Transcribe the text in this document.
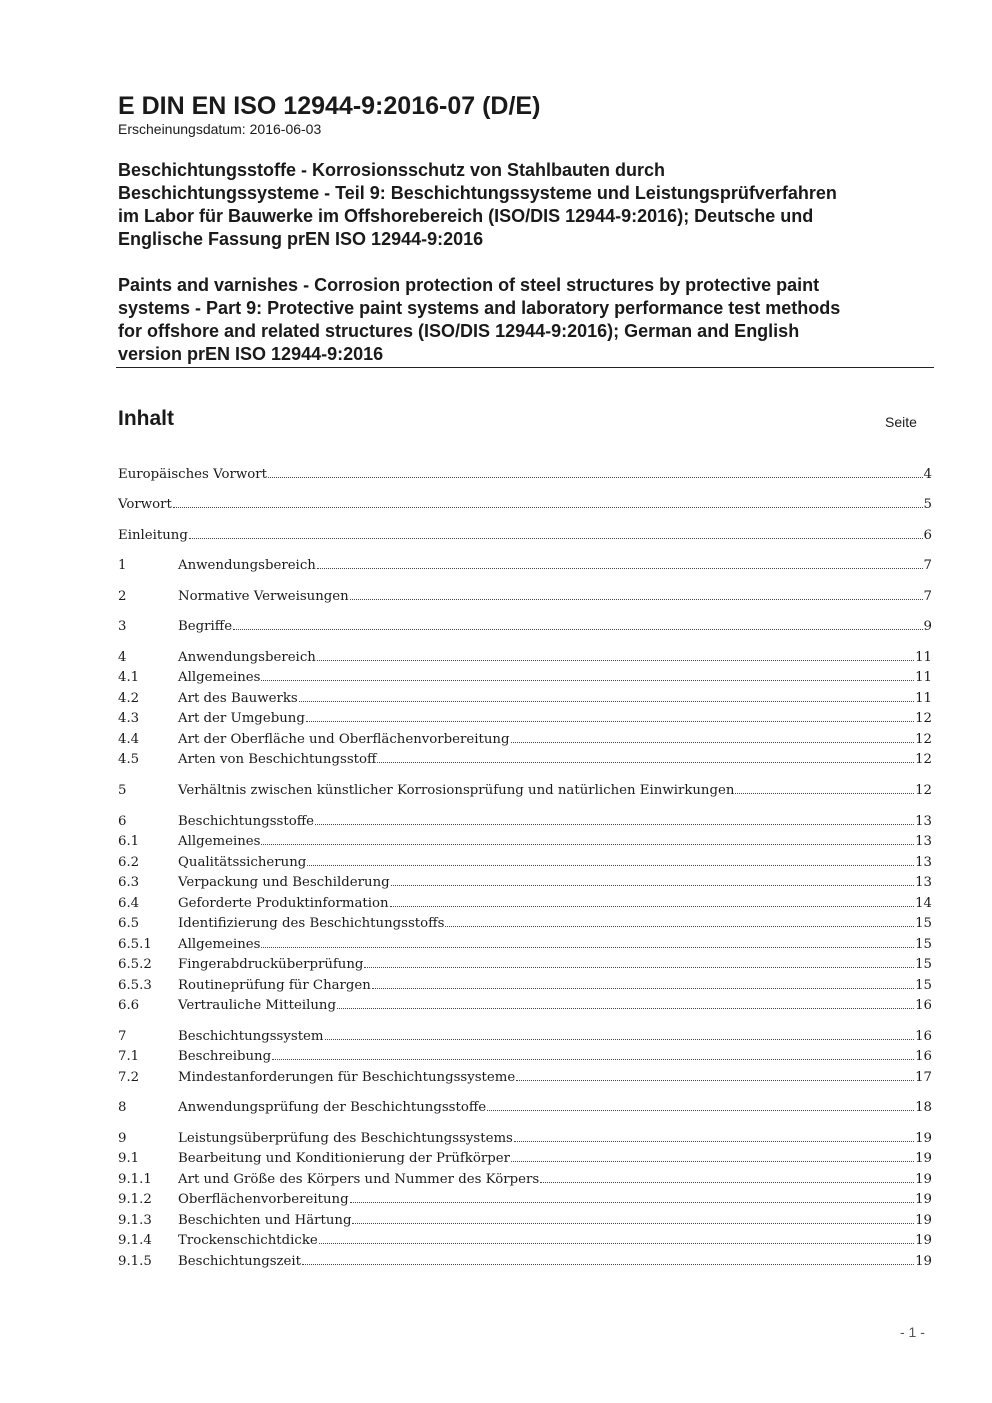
E DIN EN ISO 12944-9:2016-07 (D/E)
Erscheinungsdatum: 2016-06-03
Beschichtungsstoffe - Korrosionsschutz von Stahlbauten durch
Beschichtungssysteme - Teil 9: Beschichtungssysteme und Leistungsprüfverfahren
im Labor für Bauwerke im Offshorebereich (ISO/DIS 12944-9:2016); Deutsche und
Englische Fassung prEN ISO 12944-9:2016
Paints and varnishes - Corrosion protection of steel structures by protective paint
systems - Part 9: Protective paint systems and laboratory performance test methods
for offshore and related structures (ISO/DIS 12944-9:2016); German and English
version prEN ISO 12944-9:2016
Inhalt	Seite
Europäisches Vorwort	4
Vorwort	5
Einleitung	6
1	Anwendungsbereich	7
2	Normative Verweisungen	7
3	Begriffe	9
4	Anwendungsbereich	11
4.1	Allgemeines	11
4.2	Art des Bauwerks	11
4.3	Art der Umgebung	12
4.4	Art der Oberfläche und Oberflächenvorbereitung	12
4.5	Arten von Beschichtungsstoff	12
5	Verhältnis zwischen künstlicher Korrosionsprüfung und natürlichen Einwirkungen	12
6	Beschichtungsstoffe	13
6.1	Allgemeines	13
6.2	Qualitätssicherung	13
6.3	Verpackung und Beschilderung	13
6.4	Geforderte Produktinformation	14
6.5	Identifizierung des Beschichtungsstoffs	15
6.5.1	Allgemeines	15
6.5.2	Fingerabdrucküberprüfung	15
6.5.3	Routineprüfung für Chargen	15
6.6	Vertrauliche Mitteilung	16
7	Beschichtungssystem	16
7.1	Beschreibung	16
7.2	Mindestanforderungen für Beschichtungssysteme	17
8	Anwendungsprüfung der Beschichtungsstoffe	18
9	Leistungsüberprüfung des Beschichtungssystems	19
9.1	Bearbeitung und Konditionierung der Prüfkörper	19
9.1.1	Art und Größe des Körpers und Nummer des Körpers	19
9.1.2	Oberflächenvorbereitung	19
9.1.3	Beschichten und Härtung	19
9.1.4	Trockenschichtdicke	19
9.1.5	Beschichtungszeit	19
- 1 -
